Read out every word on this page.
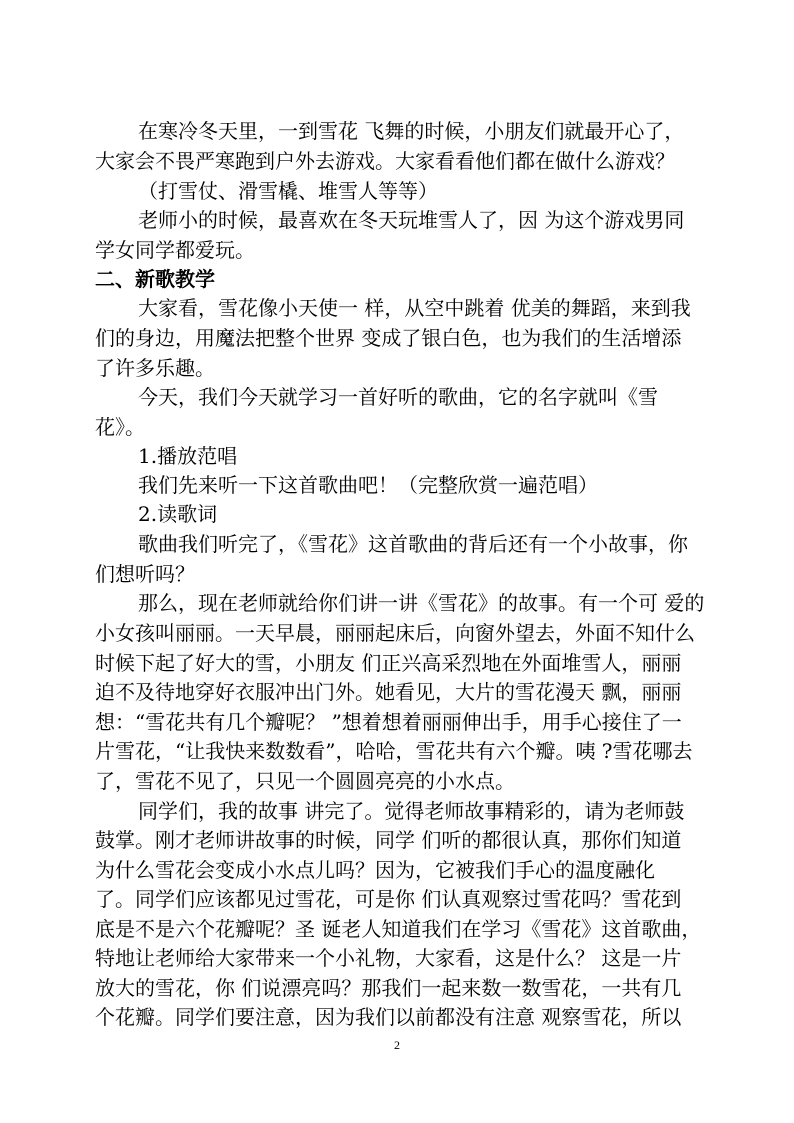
在寒冷冬天里，一到雪花 飞舞的时候，小朋友们就最开心了，

大家会不畏严寒跑到户外去游戏。大家看看他们都在做什么游戏？

（打雪仗、滑雪橇、堆雪人等等）

老师小的时候，最喜欢在冬天玩堆雪人了，因 为这个游戏男同

学女同学都爱玩。

二、新歌教学

大家看，雪花像小天使一 样，从空中跳着 优美的舞蹈，来到我

们的身边，用魔法把整个世界 变成了银白色，也为我们的生活增添

了许多乐趣。

今天，我们今天就学习一首好听的歌曲，它的名字就叫《雪

花》。

1.播放范唱

我们先来听一下这首歌曲吧！（完整欣赏一遍范唱）

2.读歌词

歌曲我们听完了，《雪花》这首歌曲的背后还有一个小故事，你

们想听吗？

那么，现在老师就给你们讲一讲《雪花》的故事。有一个可 爱的

小女孩叫丽丽。一天早晨，丽丽起床后，向窗外望去，外面不知什么

时候下起了好大的雪，小朋友 们正兴高采烈地在外面堆雪人，丽丽

迫不及待地穿好衣服冲出门外。她看见，大片的雪花漫天 飘，丽丽

想：“雪花共有几个瓣呢？ ”想着想着丽丽伸出手，用手心接住了一

片雪花，“让我快来数数看”，哈哈，雪花共有六个瓣。咦 ?雪花哪去

了，雪花不见了，只见一个圆圆亮亮的小水点。

同学们，我的故事 讲完了。觉得老师故事精彩的，请为老师鼓

鼓掌。刚才老师讲故事的时候，同学 们听的都很认真，那你们知道

为什么雪花会变成小水点儿吗？因为，它被我们手心的温度融化

了。同学们应该都见过雪花，可是你 们认真观察过雪花吗？雪花到

底是不是六个花瓣呢？圣 诞老人知道我们在学习《雪花》这首歌曲，

特地让老师给大家带来一个小礼物，大家看，这是什么？ 这是一片

放大的雪花，你 们说漂亮吗？那我们一起来数一数雪花，一共有几

个花瓣。同学们要注意，因为我们以前都没有注意 观察雪花，所以

2
